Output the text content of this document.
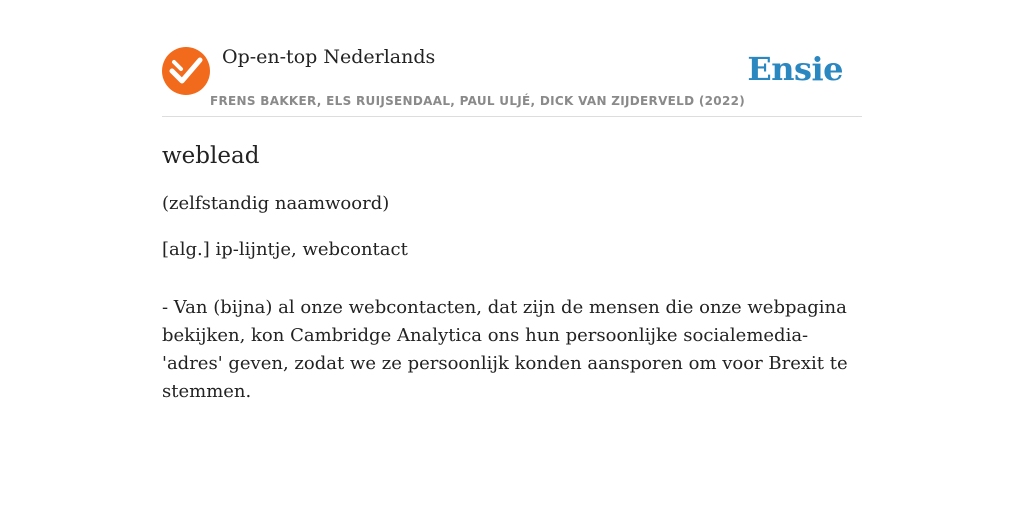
Op-en-top Nederlands
FRENS BAKKER, ELS RUIJSENDAAL, PAUL ULJÉ, DICK VAN ZIJDERVELD (2022)
Ensie
weblead
(zelfstandig naamwoord)
[alg.] ip-lijntje, webcontact
- Van (bijna) al onze webcontacten, dat zijn de mensen die onze webpagina bekijken, kon Cambridge Analytica ons hun persoonlijke socialemedia-'adres' geven, zodat we ze persoonlijk konden aansporen om voor Brexit te stemmen.
